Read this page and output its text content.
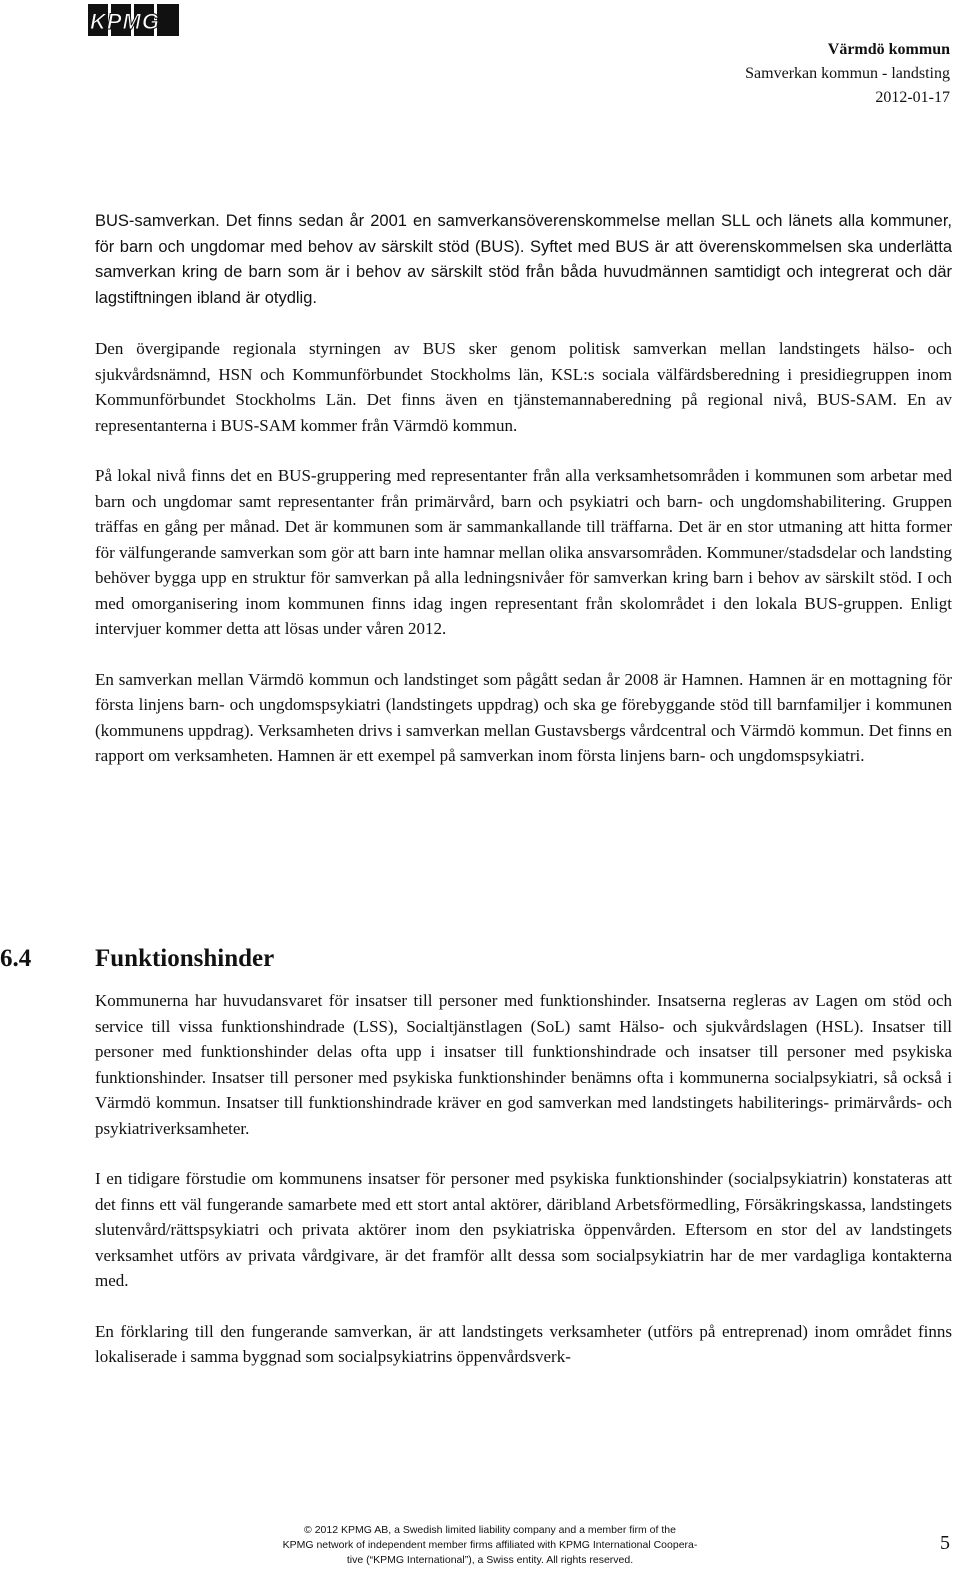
KPMG
Värmdö kommun
Samverkan kommun - landsting
2012-01-17

BUS-samverkan. Det finns sedan år 2001 en samverkansöverenskommelse mellan SLL och länets alla kommuner, för barn och ungdomar med behov av särskilt stöd (BUS). Syftet med BUS är att överenskommelsen ska underlätta samverkan kring de barn som är i behov av särskilt stöd från båda huvudmännen samtidigt och integrerat och där lagstiftningen ibland är otydlig.

Den övergipande regionala styrningen av BUS sker genom politisk samverkan mellan landstingets hälso- och sjukvårdsnämnd, HSN och Kommunförbundet Stockholms län, KSL:s sociala välfärdsberedning i presidiegruppen inom Kommunförbundet Stockholms Län. Det finns även en tjänstemannaberedning på regional nivå, BUS-SAM. En av representanterna i BUS-SAM kommer från Värmdö kommun.

På lokal nivå finns det en BUS-gruppering med representanter från alla verksamhetsområden i kommunen som arbetar med barn och ungdomar samt representanter från primärvård, barn och psykiatri och barn- och ungdomshabilitering. Gruppen träffas en gång per månad. Det är kommunen som är sammankallande till träffarna. Det är en stor utmaning att hitta former för välfungerande samverkan som gör att barn inte hamnar mellan olika ansvarsområden. Kommuner/stadsdelar och landsting behöver bygga upp en struktur för samverkan på alla ledningsnivåer för samverkan kring barn i behov av särskilt stöd. I och med omorganisering inom kommunen finns idag ingen representant från skolområdet i den lokala BUS-gruppen. Enligt intervjuer kommer detta att lösas under våren 2012.

En samverkan mellan Värmdö kommun och landstinget som pågått sedan år 2008 är Hamnen. Hamnen är en mottagning för första linjens barn- och ungdomspsykiatri (landstingets uppdrag) och ska ge förebyggande stöd till barnfamiljer i kommunen (kommunens uppdrag). Verksamheten drivs i samverkan mellan Gustavsbergs vårdcentral och Värmdö kommun. Det finns en rapport om verksamheten. Hamnen är ett exempel på samverkan inom första linjens barn- och ungdomspsykiatri.

6.4	Funktionshinder

Kommunerna har huvudansvaret för insatser till personer med funktionshinder. Insatserna regleras av Lagen om stöd och service till vissa funktionshindrade (LSS), Socialtjänstlagen (SoL) samt Hälso- och sjukvårdslagen (HSL). Insatser till personer med funktionshinder delas ofta upp i insatser till funktionshindrade och insatser till personer med psykiska funktionshinder. Insatser till personer med psykiska funktionshinder benämns ofta i kommunerna socialpsykiatri, så också i Värmdö kommun. Insatser till funktionshindrade kräver en god samverkan med landstingets habiliterings- primärvårds- och psykiatriverksamheter.

I en tidigare förstudie om kommunens insatser för personer med psykiska funktionshinder (socialpsykiatrin) konstateras att det finns ett väl fungerande samarbete med ett stort antal aktörer, däribland Arbetsförmedling, Försäkringskassa, landstingets slutenvård/rättspsykiatri och privata aktörer inom den psykiatriska öppenvården. Eftersom en stor del av landstingets verksamhet utförs av privata vårdgivare, är det framför allt dessa som socialpsykiatrin har de mer vardagliga kontakterna med.

En förklaring till den fungerande samverkan, är att landstingets verksamheter (utförs på entreprenad) inom området finns lokaliserade i samma byggnad som socialpsykiatrins öppenvårdsverk-

© 2012 KPMG AB, a Swedish limited liability company and a member firm of the
KPMG network of independent member firms affiliated with KPMG International Coopera-
tive (“KPMG International”), a Swiss entity. All rights reserved.
5
